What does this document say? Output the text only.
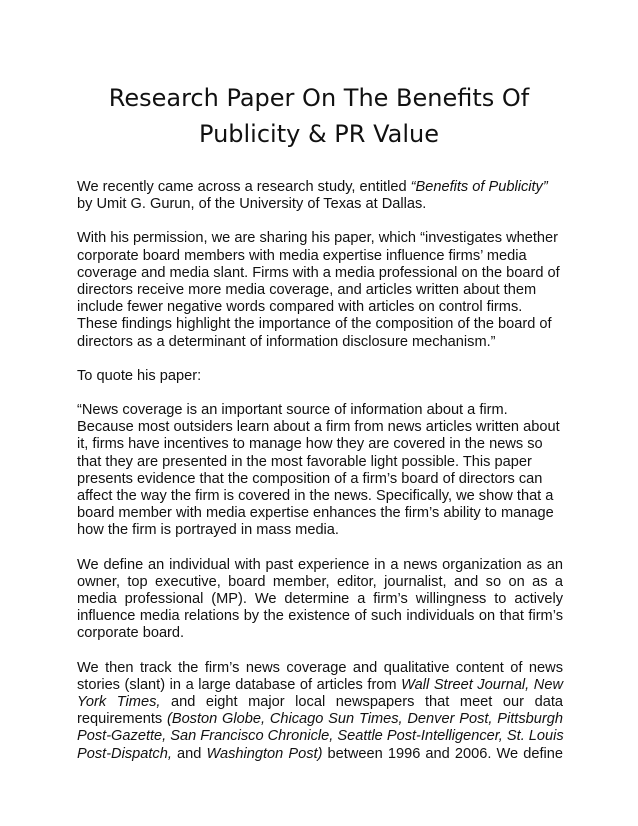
Research Paper On The Benefits Of
Publicity & PR Value

We recently came across a research study, entitled “Benefits of Publicity”
by Umit G. Gurun, of the University of Texas at Dallas.

With his permission, we are sharing his paper, which “investigates whether
corporate board members with media expertise influence firms’ media
coverage and media slant. Firms with a media professional on the board of
directors receive more media coverage, and articles written about them
include fewer negative words compared with articles on control firms.
These findings highlight the importance of the composition of the board of
directors as a determinant of information disclosure mechanism.”

To quote his paper:

“News coverage is an important source of information about a firm.
Because most outsiders learn about a firm from news articles written about
it, firms have incentives to manage how they are covered in the news so
that they are presented in the most favorable light possible. This paper
presents evidence that the composition of a firm’s board of directors can
affect the way the firm is covered in the news. Specifically, we show that a
board member with media expertise enhances the firm’s ability to manage
how the firm is portrayed in mass media.

We define an individual with past experience in a news organization as an
owner, top executive, board member, editor, journalist, and so on as a
media professional (MP). We determine a firm’s willingness to actively
influence media relations by the existence of such individuals on that firm’s
corporate board.

We then track the firm’s news coverage and qualitative content of news
stories (slant) in a large database of articles from Wall Street Journal, New
York Times, and eight major local newspapers that meet our data
requirements (Boston Globe, Chicago Sun Times, Denver Post, Pittsburgh
Post-Gazette, San Francisco Chronicle, Seattle Post-Intelligencer, St. Louis
Post-Dispatch, and Washington Post) between 1996 and 2006. We define
